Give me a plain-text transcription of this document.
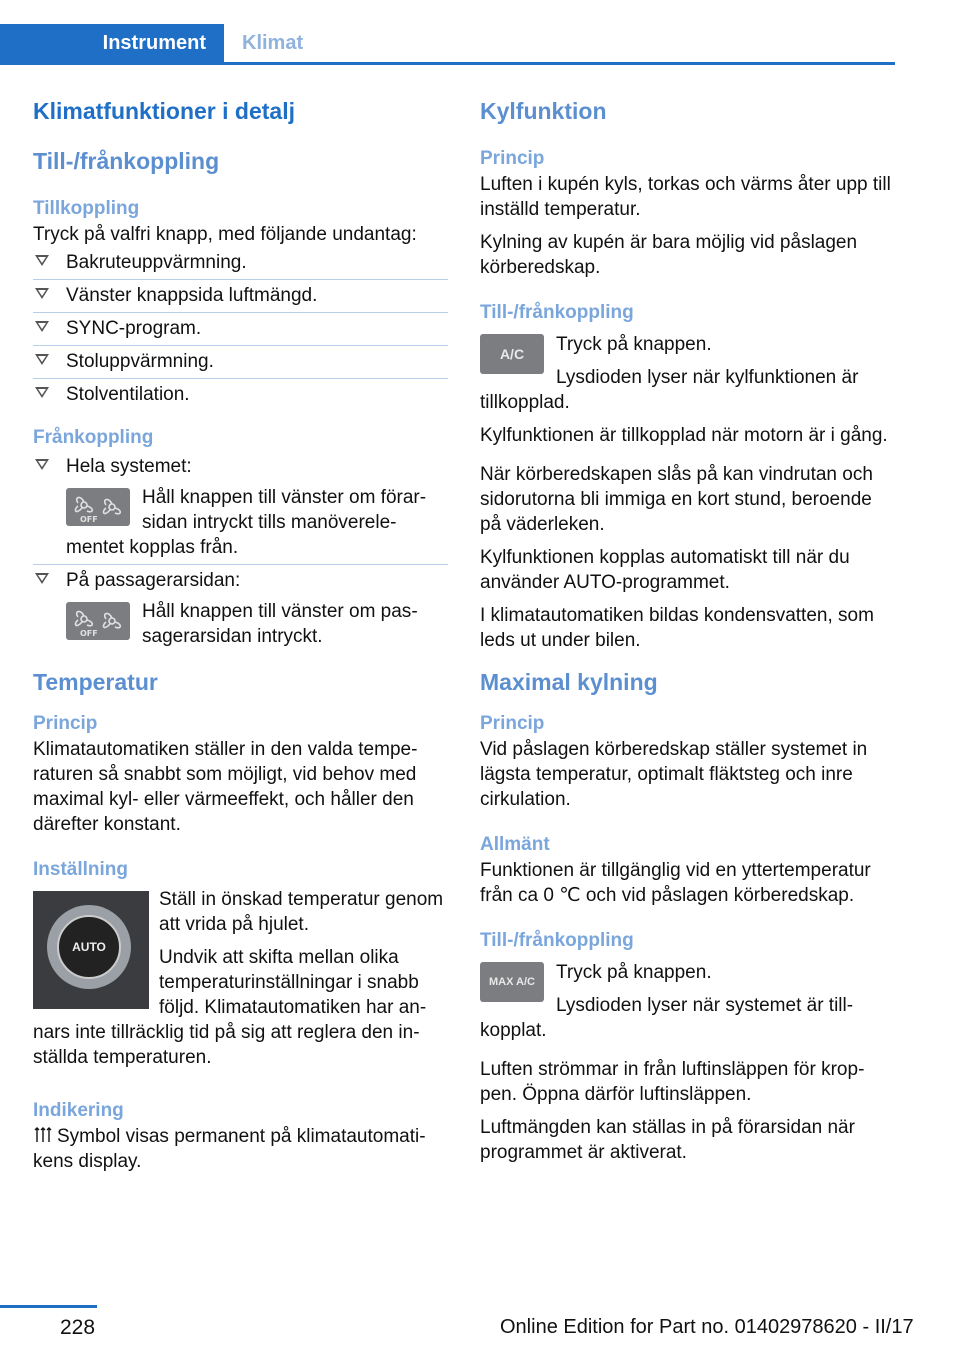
Instrument	Klimat
Klimatfunktioner i detalj
Till-/frånkoppling
Tillkoppling

Tryck på valfri knapp, med följande undantag:

Bakruteuppvärmning.
Vänster knappsida luftmängd.
SYNC-program.
Stoluppvärmning.
Stolventilation.
Frånkoppling
Hela systemet:
OFF
Håll knappen till vänster om förarsidan intryckt tills manöverelementet kopplas från.
På passagerarsidan:
OFF
Håll knappen till vänster om passagerarsidan intryckt.
Temperatur
Princip

Klimatautomatiken ställer in den valda temperaturen så snabbt som möjligt, vid behov med maximal kyl- eller värmeeffekt, och håller den därefter konstant.

Inställning
AUTO

Ställ in önskad temperatur genom att vrida på hjulet.

Undvik att skifta mellan olika temperaturinställningar i snabb följd. Klimatautomatiken har annars inte tillräcklig tid på sig att reglera den inställda temperaturen.

Indikering

Symbol visas permanent på klimatautomatikens display.

Kylfunktion
Princip

Luften i kupén kyls, torkas och värms åter upp till inställd temperatur.

Kylning av kupén är bara möjlig vid påslagen körberedskap.

Till-/frånkoppling
A/C	Tryck på knappen.

Lysdioden lyser när kylfunktionen är tillkopplad.

Kylfunktionen är tillkopplad när motorn är i gång.

När körberedskapen slås på kan vindrutan och sidorutorna bli immiga en kort stund, beroende på väderleken.

Kylfunktionen kopplas automatiskt till när du använder AUTO-programmet.

I klimatautomatiken bildas kondensvatten, som leds ut under bilen.

Maximal kylning
Princip

Vid påslagen körberedskap ställer systemet in lägsta temperatur, optimalt fläktsteg och inre cirkulation.

Allmänt

Funktionen är tillgänglig vid en yttertemperatur från ca 0 ℃ och vid påslagen körberedskap.

Till-/frånkoppling
MAX A/C	Tryck på knappen.

Lysdioden lyser när systemet är tillkopplat.

Luften strömmar in från luftinsläppen för kroppen. Öppna därför luftinsläppen.

Luftmängden kan ställas in på förarsidan när programmet är aktiverat.

228	Online Edition for Part no. 01402978620 - II/17
